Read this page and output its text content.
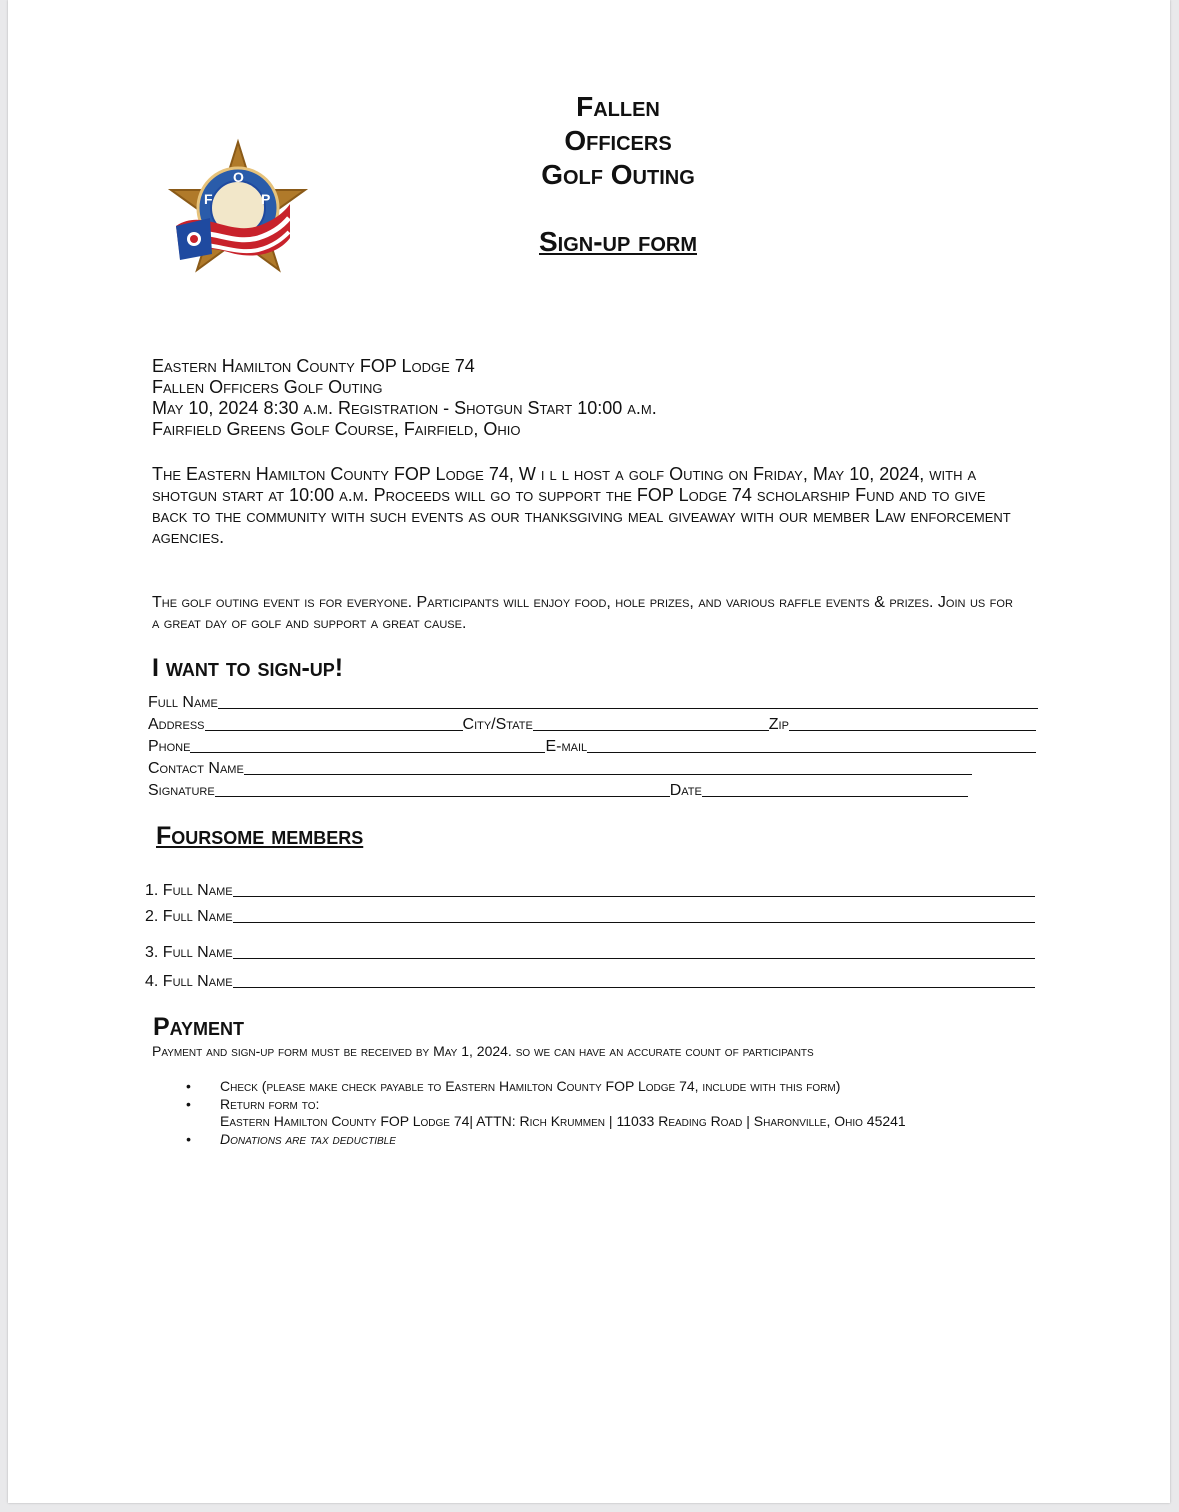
F
O
P
Fallen
Officers
Golf Outing
Sign-up form
Eastern Hamilton County FOP Lodge 74
Fallen Officers Golf Outing
May 10, 2024 8:30 a.m. Registration - Shotgun Start 10:00 a.m.
Fairfield Greens Golf Course, Fairfield, Ohio
The Eastern Hamilton County FOP Lodge 74, W i l l host a golf Outing on Friday, May 10, 2024, with a shotgun start at 10:00 a.m. Proceeds will go to support the FOP Lodge 74 scholarship Fund and to give back to the community with such events as our thanksgiving meal giveaway with our member Law enforcement agencies.
The golf outing event is for everyone. Participants will enjoy food, hole prizes, and various raffle events & prizes. Join us for a great day of golf and support a great cause.
I want to sign-up!
Full Name
Address	City/State	Zip
Phone	E-mail
Contact Name
Signature	Date
Foursome members
1. Full Name
2. Full Name
3. Full Name
4. Full Name
Payment
Payment and sign-up form must be received by May 1, 2024. so we can have an accurate count of participants
• Check (please make check payable to Eastern Hamilton County FOP Lodge 74, include with this form)
• Return form to:
Eastern Hamilton County FOP Lodge 74| ATTN: Rich Krummen | 11033 Reading Road | Sharonville, Ohio 45241
• Donations are tax deductible
